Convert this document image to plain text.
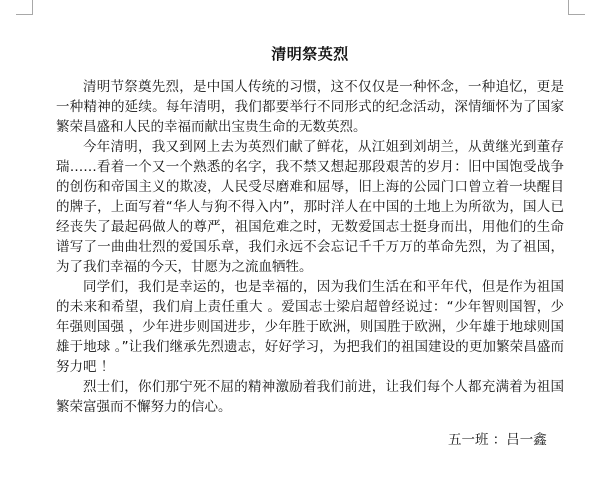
清明祭英烈

清明节祭奠先烈，是中国人传统的习惯，这不仅仅是一种怀念，一种追忆，更是一种精神的延续。每年清明，我们都要举行不同形式的纪念活动，深情缅怀为了国家繁荣昌盛和人民的幸福而献出宝贵生命的无数英烈。

今年清明，我又到网上去为英烈们献了鲜花，从江姐到刘胡兰，从黄继光到董存瑞……看着一个又一个熟悉的名字，我不禁又想起那段艰苦的岁月：旧中国饱受战争的创伤和帝国主义的欺凌，人民受尽磨难和屈辱，旧上海的公园门口曾立着一块醒目的牌子，上面写着“华人与狗不得入内”，那时洋人在中国的土地上为所欲为，国人已经丧失了最起码做人的尊严，祖国危难之时，无数爱国志士挺身而出，用他们的生命谱写了一曲曲壮烈的爱国乐章，我们永远不会忘记千千万万的革命先烈，为了祖国，为了我们幸福的今天，甘愿为之流血牺牲。

同学们，我们是幸运的，也是幸福的，因为我们生活在和平年代，但是作为祖国的未来和希望，我们肩上责任重大 。爱国志士梁启超曾经说过：“少年智则国智，少年强则国强 ，少年进步则国进步，少年胜于欧洲，则国胜于欧洲，少年雄于地球则国雄于地球 。”让我们继承先烈遗志，好好学习，为把我们的祖国建设的更加繁荣昌盛而努力吧 ！

烈士们，你们那宁死不屈的精神激励着我们前进，让我们每个人都充满着为祖国繁荣富强而不懈努力的信心。

五一班 ：吕一鑫
